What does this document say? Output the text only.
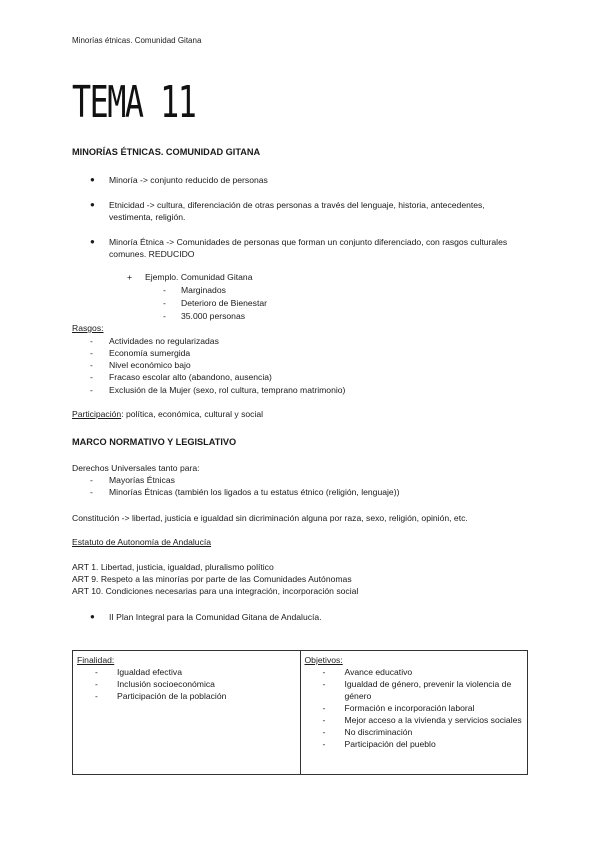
Minorías étnicas. Comunidad Gitana
TEMA 11
MINORÍAS ÉTNICAS. COMUNIDAD GITANA
● Minoría -> conjunto reducido de personas
● Etnicidad -> cultura, diferenciación de otras personas a través del lenguaje, historia, antecedentes, vestimenta, religión.
● Minoría Étnica -> Comunidades de personas que forman un conjunto diferenciado, con rasgos culturales comunes. REDUCIDO
+ Ejemplo. Comunidad Gitana
- Marginados
- Deterioro de Bienestar
- 35.000 personas
Rasgos:
- Actividades no regularizadas
- Economía sumergida
- Nivel económico bajo
- Fracaso escolar alto (abandono, ausencia)
- Exclusión de la Mujer (sexo, rol cultura, temprano matrimonio)
Participación: política, económica, cultural y social
MARCO NORMATIVO Y LEGISLATIVO
Derechos Universales tanto para:
- Mayorías Étnicas
- Minorías Étnicas (también los ligados a tu estatus étnico (religión, lenguaje))
Constitución -> libertad, justicia e igualdad sin dicriminación alguna por raza, sexo, religión, opinión, etc.
Estatuto de Autonomía de Andalucía
ART 1. Libertad, justicia, igualdad, pluralismo político
ART 9. Respeto a las minorías por parte de las Comunidades Autónomas
ART 10. Condiciones necesarias para una integración, incorporación social
● II Plan Integral para la Comunidad Gitana de Andalucía.
Finalidad:
- Igualdad efectiva
- Inclusión socioeconómica
- Participación de la población

Objetivos:
- Avance educativo
- Igualdad de género, prevenir la violencia de género
- Formación e incorporación laboral
- Mejor acceso a la vivienda y servicios sociales
- No discriminación
- Participación del pueblo
